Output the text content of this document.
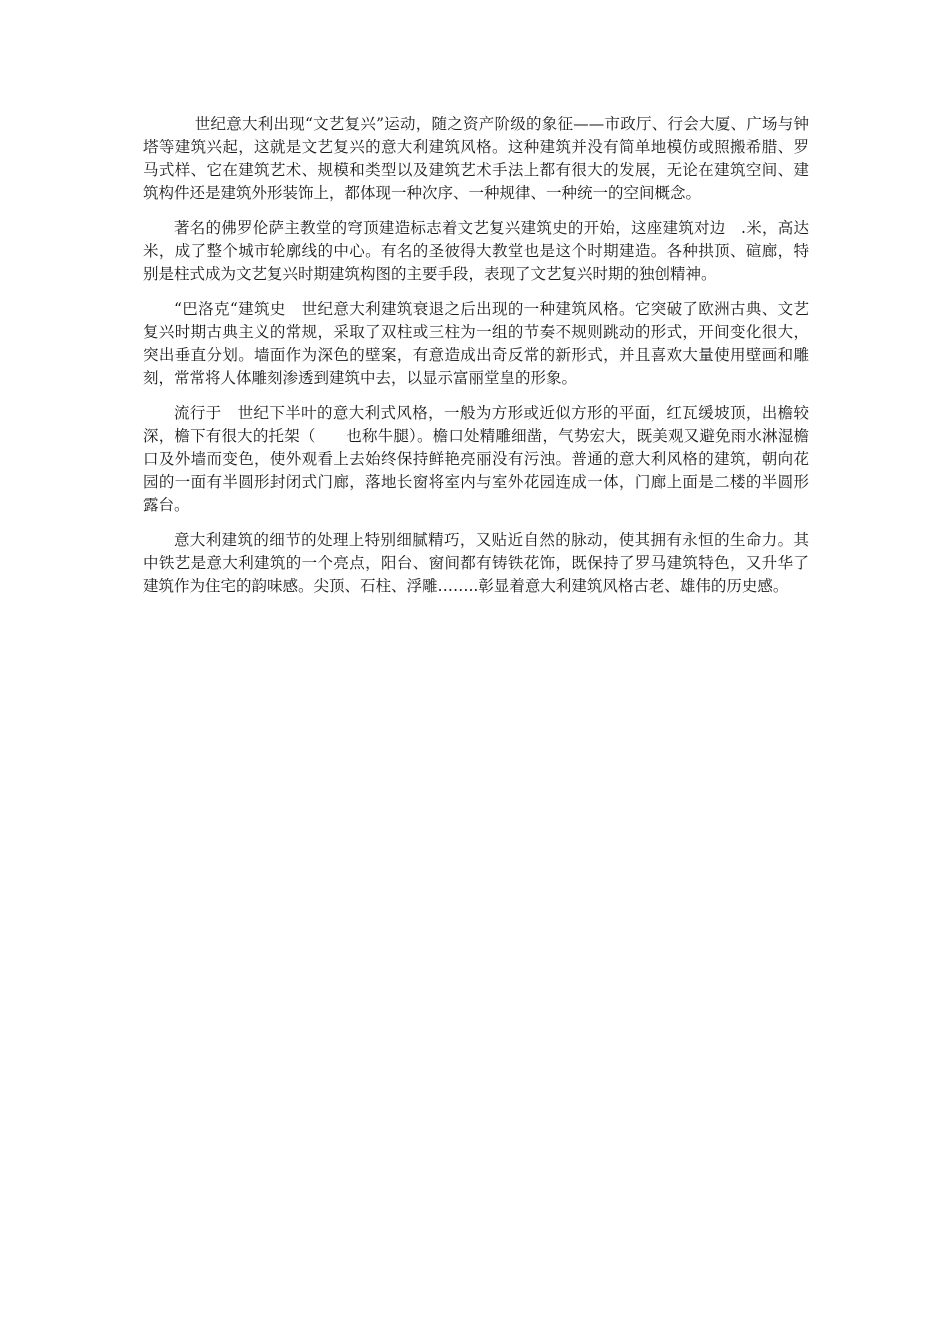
世纪意大利出现“文艺复兴”运动，随之资产阶级的象征——市政厅、行会大厦、广场与钟塔等建筑兴起，这就是文艺复兴的意大利建筑风格。这种建筑并没有简单地模仿或照搬希腊、罗马式样、它在建筑艺术、规模和类型以及建筑艺术手法上都有很大的发展，无论在建筑空间、建筑构件还是建筑外形装饰上，都体现一种次序、一种规律、一种统一的空间概念。

著名的佛罗伦萨主教堂的穹顶建造标志着文艺复兴建筑史的开始，这座建筑对边   .米，高达    米，成了整个城市轮廓线的中心。有名的圣彼得大教堂也是这个时期建造。各种拱顶、碹廊，特别是柱式成为文艺复兴时期建筑构图的主要手段，表现了文艺复兴时期的独创精神。

“巴洛克“建筑史   世纪意大利建筑衰退之后出现的一种建筑风格。它突破了欧洲古典、文艺复兴时期古典主义的常规，采取了双柱或三柱为一组的节奏不规则跳动的形式，开间变化很大，突出垂直分划。墙面作为深色的壁案，有意造成出奇反常的新形式，并且喜欢大量使用壁画和雕刻，常常将人体雕刻渗透到建筑中去，以显示富丽堂皇的形象。

流行于   世纪下半叶的意大利式风格，一般为方形或近似方形的平面，红瓦缓坡顶，出檐较深，檐下有很大的托架（      也称牛腿）。檐口处精雕细凿，气势宏大，既美观又避免雨水淋湿檐口及外墙而变色，使外观看上去始终保持鲜艳亮丽没有污浊。普通的意大利风格的建筑，朝向花园的一面有半圆形封闭式门廊，落地长窗将室内与室外花园连成一体，门廊上面是二楼的半圆形露台。

意大利建筑的细节的处理上特别细腻精巧，又贴近自然的脉动，使其拥有永恒的生命力。其中铁艺是意大利建筑的一个亮点，阳台、窗间都有铸铁花饰，既保持了罗马建筑特色，又升华了建筑作为住宅的韵味感。尖顶、石柱、浮雕……..彰显着意大利建筑风格古老、雄伟的历史感。
